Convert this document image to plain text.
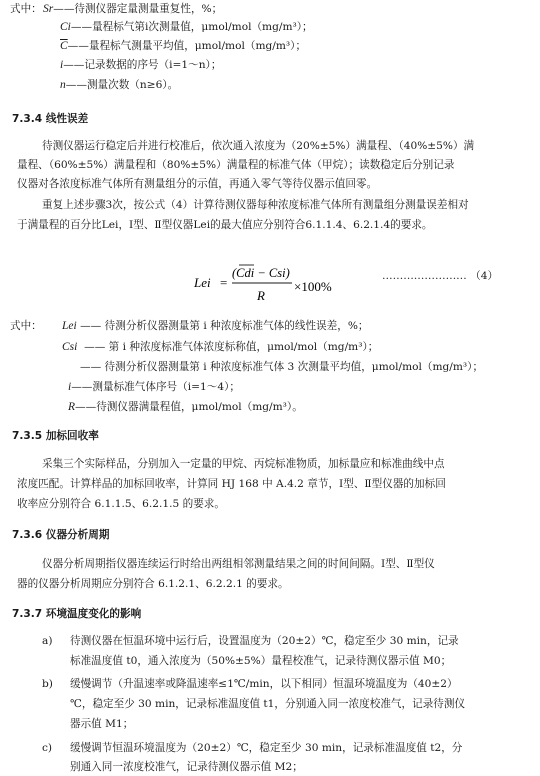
式中： Sr——待测仪器定量测量重复性，%；
Ci——量程标气第i次测量值，μmol/mol（mg/m³）；
$\overline{C}——$量程标气测量平均值，μmol/mol（mg/m³）；
i——记录数据的序号（i=1～n）；
n——测量次数（n≥6）。
7.3.4 线性误差
待测仪器运行稳定后并进行校准后，依次通入浓度为（20%±5%）满量程、（40%±5%）满
量程、（60%±5%）满量程和（80%±5%）满量程的标准气体（甲烷）；读数稳定后分别记录
仪器对各浓度标准气体所有测量组分的示值，再通入零气等待仪器示值回零。
重复上述步骤3次，按公式（4）计算待测仪器每种浓度标准气体所有测量组分测量误差相对
于满量程的百分比Lei，Ⅰ型、Ⅱ型仪器Lei的最大值应分别符合6.1.1.4、6.2.1.4的要求。
Lei =
(Cdi − Csi)
R
×100%
…………………… （4）
式中： Lei —— 待测分析仪器测量第 i 种浓度标准气体的线性误差，%；
Csi —— 第 i 种浓度标准气体浓度标称值，μmol/mol（mg/m³）；
—— 待测分析仪器测量第 i 种浓度标准气体 3 次测量平均值，μmol/mol（mg/m³）；
i——测量标准气体序号（i=1～4）；
R——待测仪器满量程值，μmol/mol（mg/m³）。
7.3.5 加标回收率
采集三个实际样品，分别加入一定量的甲烷、丙烷标准物质，加标量应和标准曲线中点
浓度匹配。计算样品的加标回收率，计算同 HJ 168 中 A.4.2 章节，Ⅰ型、Ⅱ型仪器的加标回
收率应分别符合 6.1.1.5、6.2.1.5 的要求。
7.3.6 仪器分析周期
仪器分析周期指仪器连续运行时给出两组相邻测量结果之间的时间间隔。Ⅰ型、Ⅱ型仪
器的仪器分析周期应分别符合 6.1.2.1、6.2.2.1 的要求。
7.3.7 环境温度变化的影响
a) 待测仪器在恒温环境中运行后，设置温度为（20±2）℃，稳定至少 30 min，记录
标准温度值 t0，通入浓度为（50%±5%）量程校准气，记录待测仪器示值 M0；
b) 缓慢调节（升温速率或降温速率≤1℃/min，以下相同）恒温环境温度为（40±2）
℃，稳定至少 30 min，记录标准温度值 t1，分别通入同一浓度校准气，记录待测仪
器示值 M1；
c) 缓慢调节恒温环境温度为（20±2）℃，稳定至少 30 min，记录标准温度值 t2，分
别通入同一浓度校准气，记录待测仪器示值 M2；
